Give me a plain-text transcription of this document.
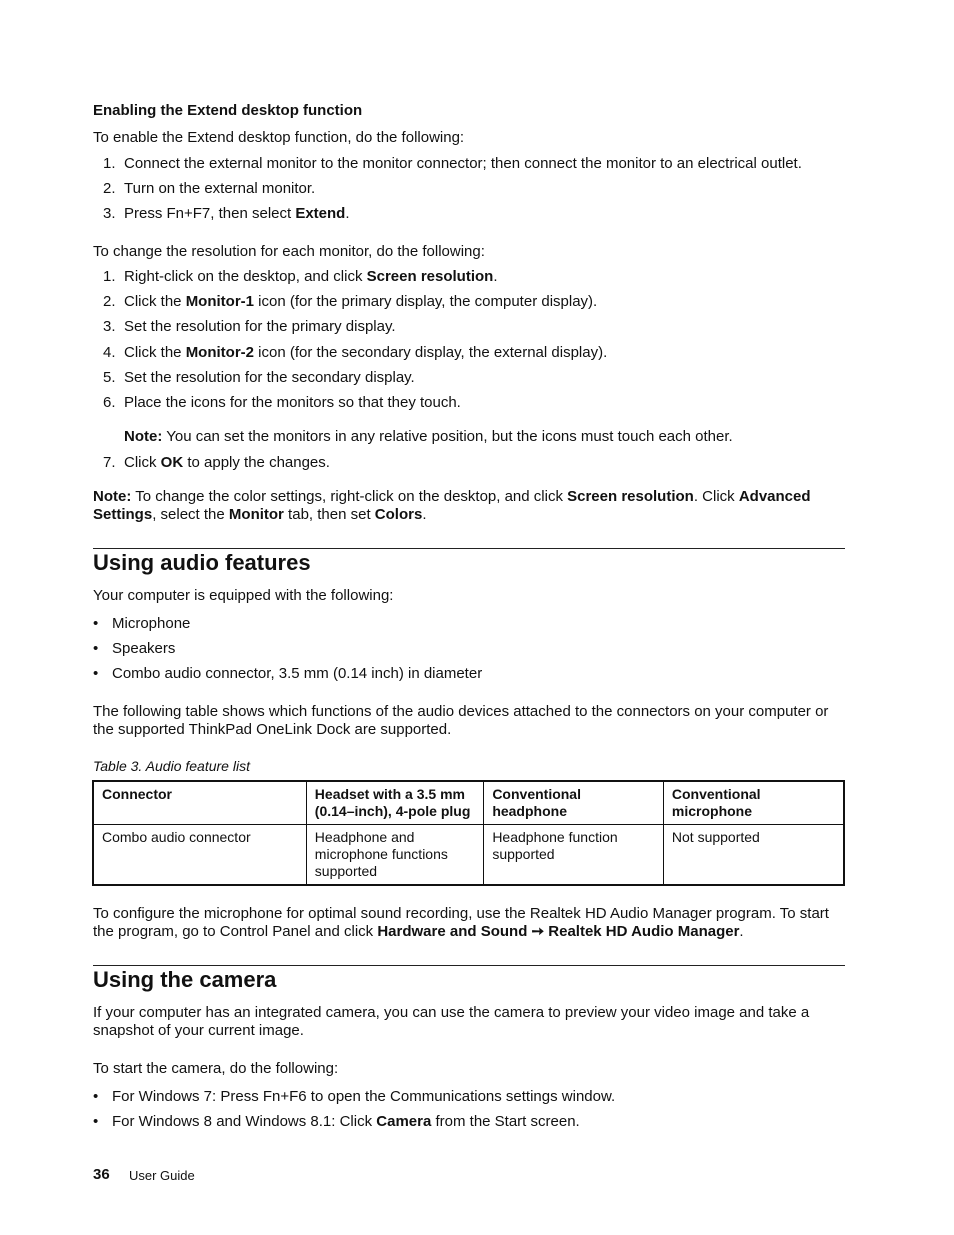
Enabling the Extend desktop function
To enable the Extend desktop function, do the following:
1. Connect the external monitor to the monitor connector; then connect the monitor to an electrical outlet.
2. Turn on the external monitor.
3. Press Fn+F7, then select Extend.
To change the resolution for each monitor, do the following:
1. Right-click on the desktop, and click Screen resolution.
2. Click the Monitor-1 icon (for the primary display, the computer display).
3. Set the resolution for the primary display.
4. Click the Monitor-2 icon (for the secondary display, the external display).
5. Set the resolution for the secondary display.
6. Place the icons for the monitors so that they touch.
Note: You can set the monitors in any relative position, but the icons must touch each other.
7. Click OK to apply the changes.
Note: To change the color settings, right-click on the desktop, and click Screen resolution. Click Advanced Settings, select the Monitor tab, then set Colors.
Using audio features
Your computer is equipped with the following:
• Microphone
• Speakers
• Combo audio connector, 3.5 mm (0.14 inch) in diameter
The following table shows which functions of the audio devices attached to the connectors on your computer or the supported ThinkPad OneLink Dock are supported.
Table 3. Audio feature list
Connector	Headset with a 3.5 mm (0.14–inch), 4-pole plug	Conventional headphone	Conventional microphone
Combo audio connector	Headphone and microphone functions supported	Headphone function supported	Not supported
To configure the microphone for optimal sound recording, use the Realtek HD Audio Manager program. To start the program, go to Control Panel and click Hardware and Sound ➙ Realtek HD Audio Manager.
Using the camera
If your computer has an integrated camera, you can use the camera to preview your video image and take a snapshot of your current image.
To start the camera, do the following:
• For Windows 7: Press Fn+F6 to open the Communications settings window.
• For Windows 8 and Windows 8.1: Click Camera from the Start screen.
36 User Guide
